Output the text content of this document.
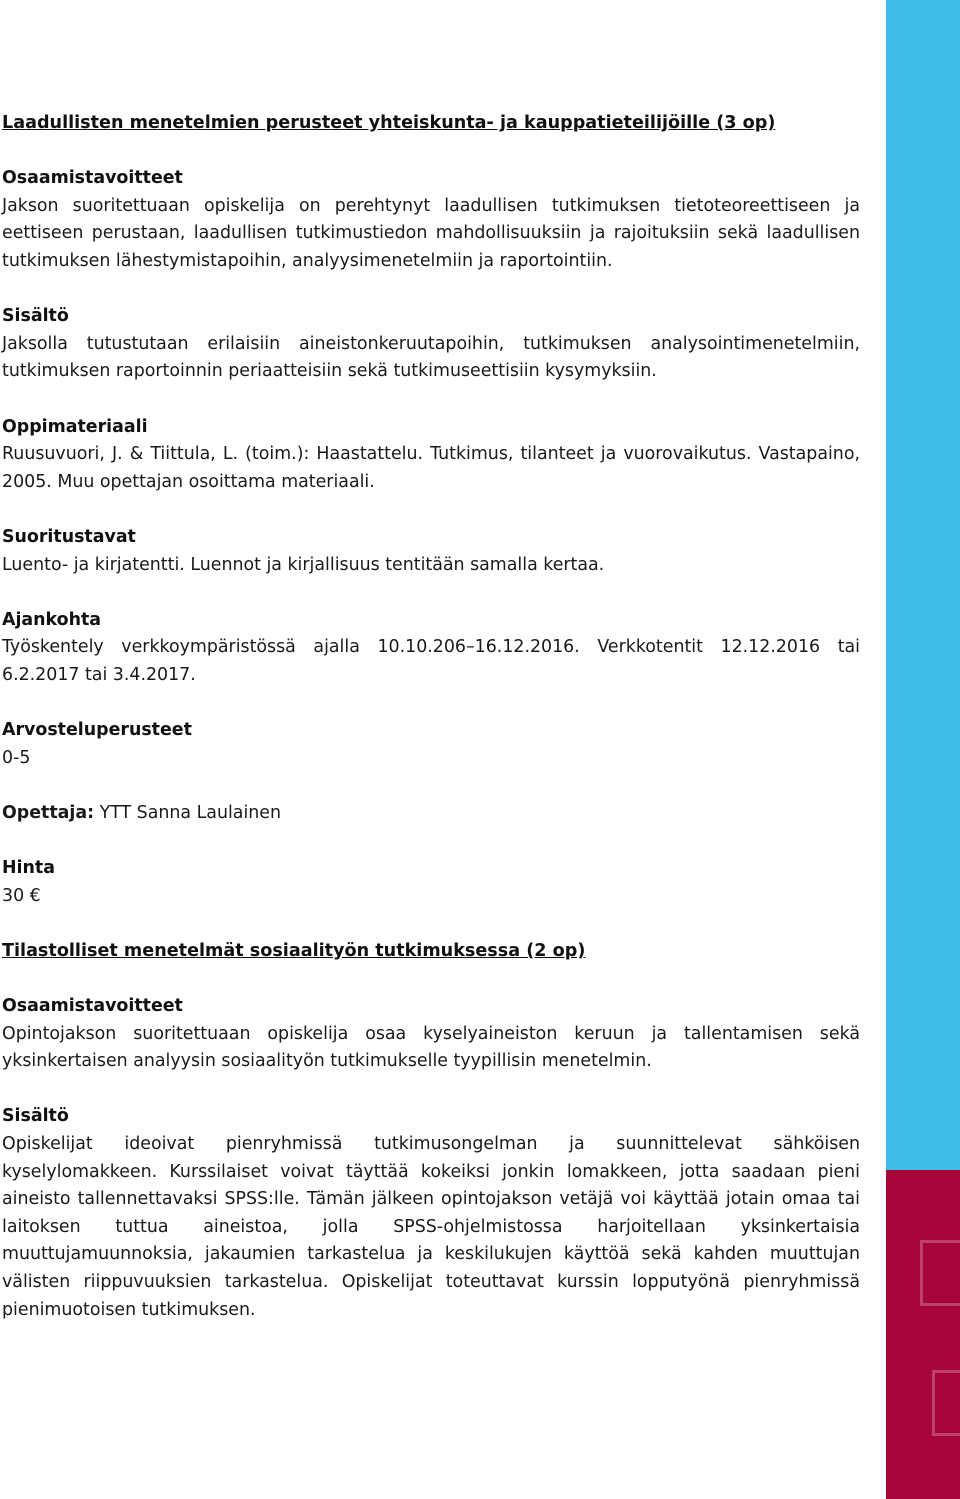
Laadullisten menetelmien perusteet yhteiskunta- ja kauppatieteilijöille (3 op)
Osaamistavoitteet
Jakson suoritettuaan opiskelija on perehtynyt laadullisen tutkimuksen tietoteoreettiseen ja eettiseen perustaan, laadullisen tutkimustiedon mahdollisuuksiin ja rajoituksiin sekä laadullisen tutkimuksen lähestymistapoihin, analyysimenetelmiin ja raportointiin.
Sisältö
Jaksolla tutustutaan erilaisiin aineistonkeruutapoihin, tutkimuksen analysointimenetelmiin, tutkimuksen raportoinnin periaatteisiin sekä tutkimuseettisiin kysymyksiin.
Oppimateriaali
Ruusuvuori, J. & Tiittula, L. (toim.): Haastattelu. Tutkimus, tilanteet ja vuorovaikutus. Vastapaino, 2005. Muu opettajan osoittama materiaali.
Suoritustavat
Luento- ja kirjatentti. Luennot ja kirjallisuus tentitään samalla kertaa.
Ajankohta
Työskentely verkkoympäristössä ajalla 10.10.206–16.12.2016. Verkkotentit 12.12.2016 tai 6.2.2017 tai 3.4.2017.
Arvosteluperusteet
0-5
Opettaja: YTT Sanna Laulainen
Hinta
30 €
Tilastolliset menetelmät sosiaalityön tutkimuksessa (2 op)
Osaamistavoitteet
Opintojakson suoritettuaan opiskelija osaa kyselyaineiston keruun ja tallentamisen sekä yksinkertaisen analyysin sosiaalityön tutkimukselle tyypillisin menetelmin.
Sisältö
Opiskelijat ideoivat pienryhmissä tutkimusongelman ja suunnittelevat sähköisen kyselylomakkeen. Kurssilaiset voivat täyttää kokeiksi jonkin lomakkeen, jotta saadaan pieni aineisto tallennettavaksi SPSS:lle. Tämän jälkeen opintojakson vetäjä voi käyttää jotain omaa tai laitoksen tuttua aineistoa, jolla SPSS-ohjelmistossa harjoitellaan yksinkertaisia muuttujamuunnoksia, jakaumien tarkastelua ja keskilukujen käyttöä sekä kahden muuttujan välisten riippuvuuksien tarkastelua. Opiskelijat toteuttavat kurssin lopputyönä pienryhmissä pienimuotoisen tutkimuksen.
